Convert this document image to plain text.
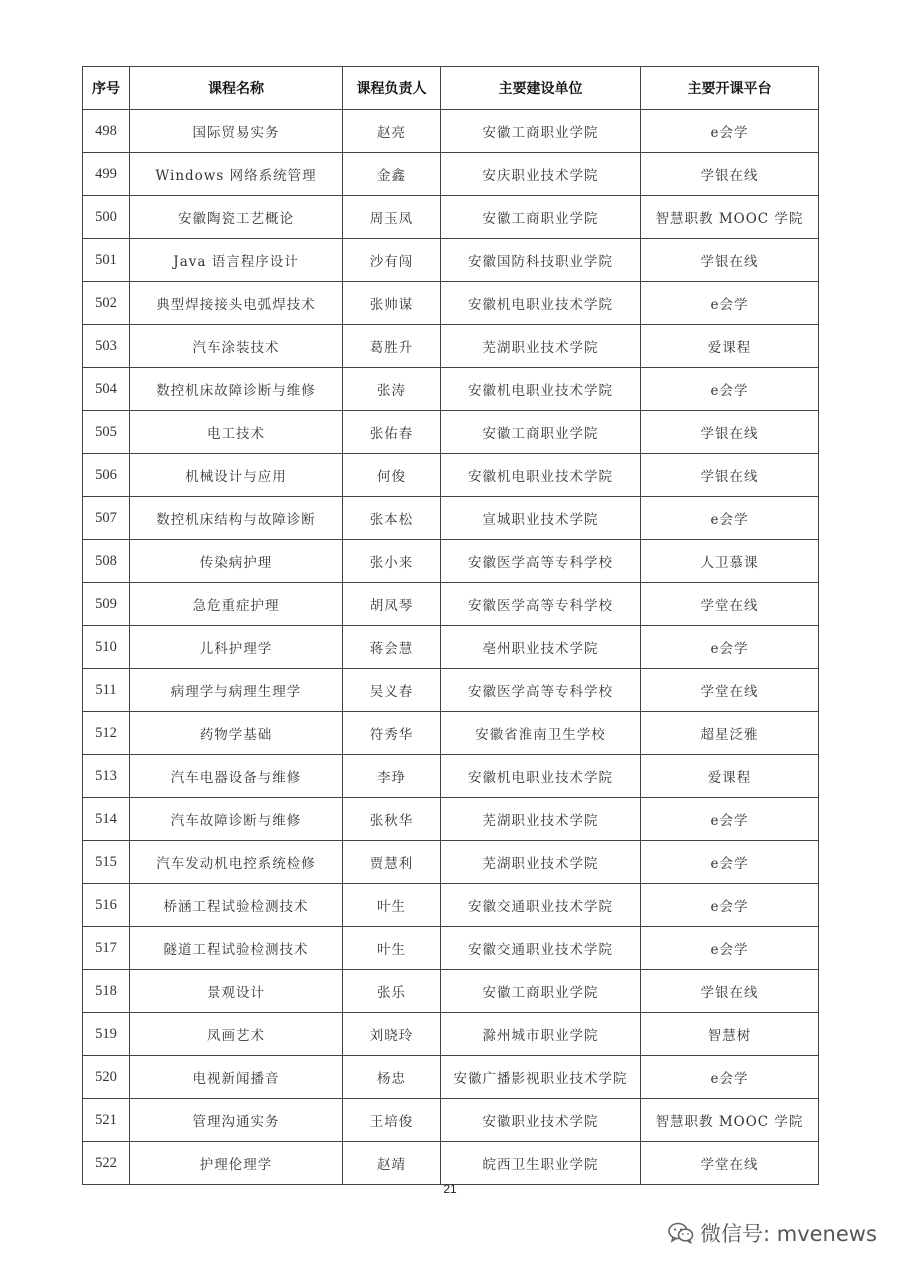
序号	课程名称	课程负责人	主要建设单位	主要开课平台
498	国际贸易实务	赵亮	安徽工商职业学院	e会学
499	Windows 网络系统管理	金鑫	安庆职业技术学院	学银在线
500	安徽陶瓷工艺概论	周玉凤	安徽工商职业学院	智慧职教 MOOC 学院
501	Java 语言程序设计	沙有闯	安徽国防科技职业学院	学银在线
502	典型焊接接头电弧焊技术	张帅谋	安徽机电职业技术学院	e会学
503	汽车涂装技术	葛胜升	芜湖职业技术学院	爱课程
504	数控机床故障诊断与维修	张涛	安徽机电职业技术学院	e会学
505	电工技术	张佑春	安徽工商职业学院	学银在线
506	机械设计与应用	何俊	安徽机电职业技术学院	学银在线
507	数控机床结构与故障诊断	张本松	宣城职业技术学院	e会学
508	传染病护理	张小来	安徽医学高等专科学校	人卫慕课
509	急危重症护理	胡凤琴	安徽医学高等专科学校	学堂在线
510	儿科护理学	蒋会慧	亳州职业技术学院	e会学
511	病理学与病理生理学	吴义春	安徽医学高等专科学校	学堂在线
512	药物学基础	符秀华	安徽省淮南卫生学校	超星泛雅
513	汽车电器设备与维修	李琤	安徽机电职业技术学院	爱课程
514	汽车故障诊断与维修	张秋华	芜湖职业技术学院	e会学
515	汽车发动机电控系统检修	贾慧利	芜湖职业技术学院	e会学
516	桥涵工程试验检测技术	叶生	安徽交通职业技术学院	e会学
517	隧道工程试验检测技术	叶生	安徽交通职业技术学院	e会学
518	景观设计	张乐	安徽工商职业学院	学银在线
519	凤画艺术	刘晓玲	滁州城市职业学院	智慧树
520	电视新闻播音	杨忠	安徽广播影视职业技术学院	e会学
521	管理沟通实务	王培俊	安徽职业技术学院	智慧职教 MOOC 学院
522	护理伦理学	赵靖	皖西卫生职业学院	学堂在线
21
微信号: mvenews
